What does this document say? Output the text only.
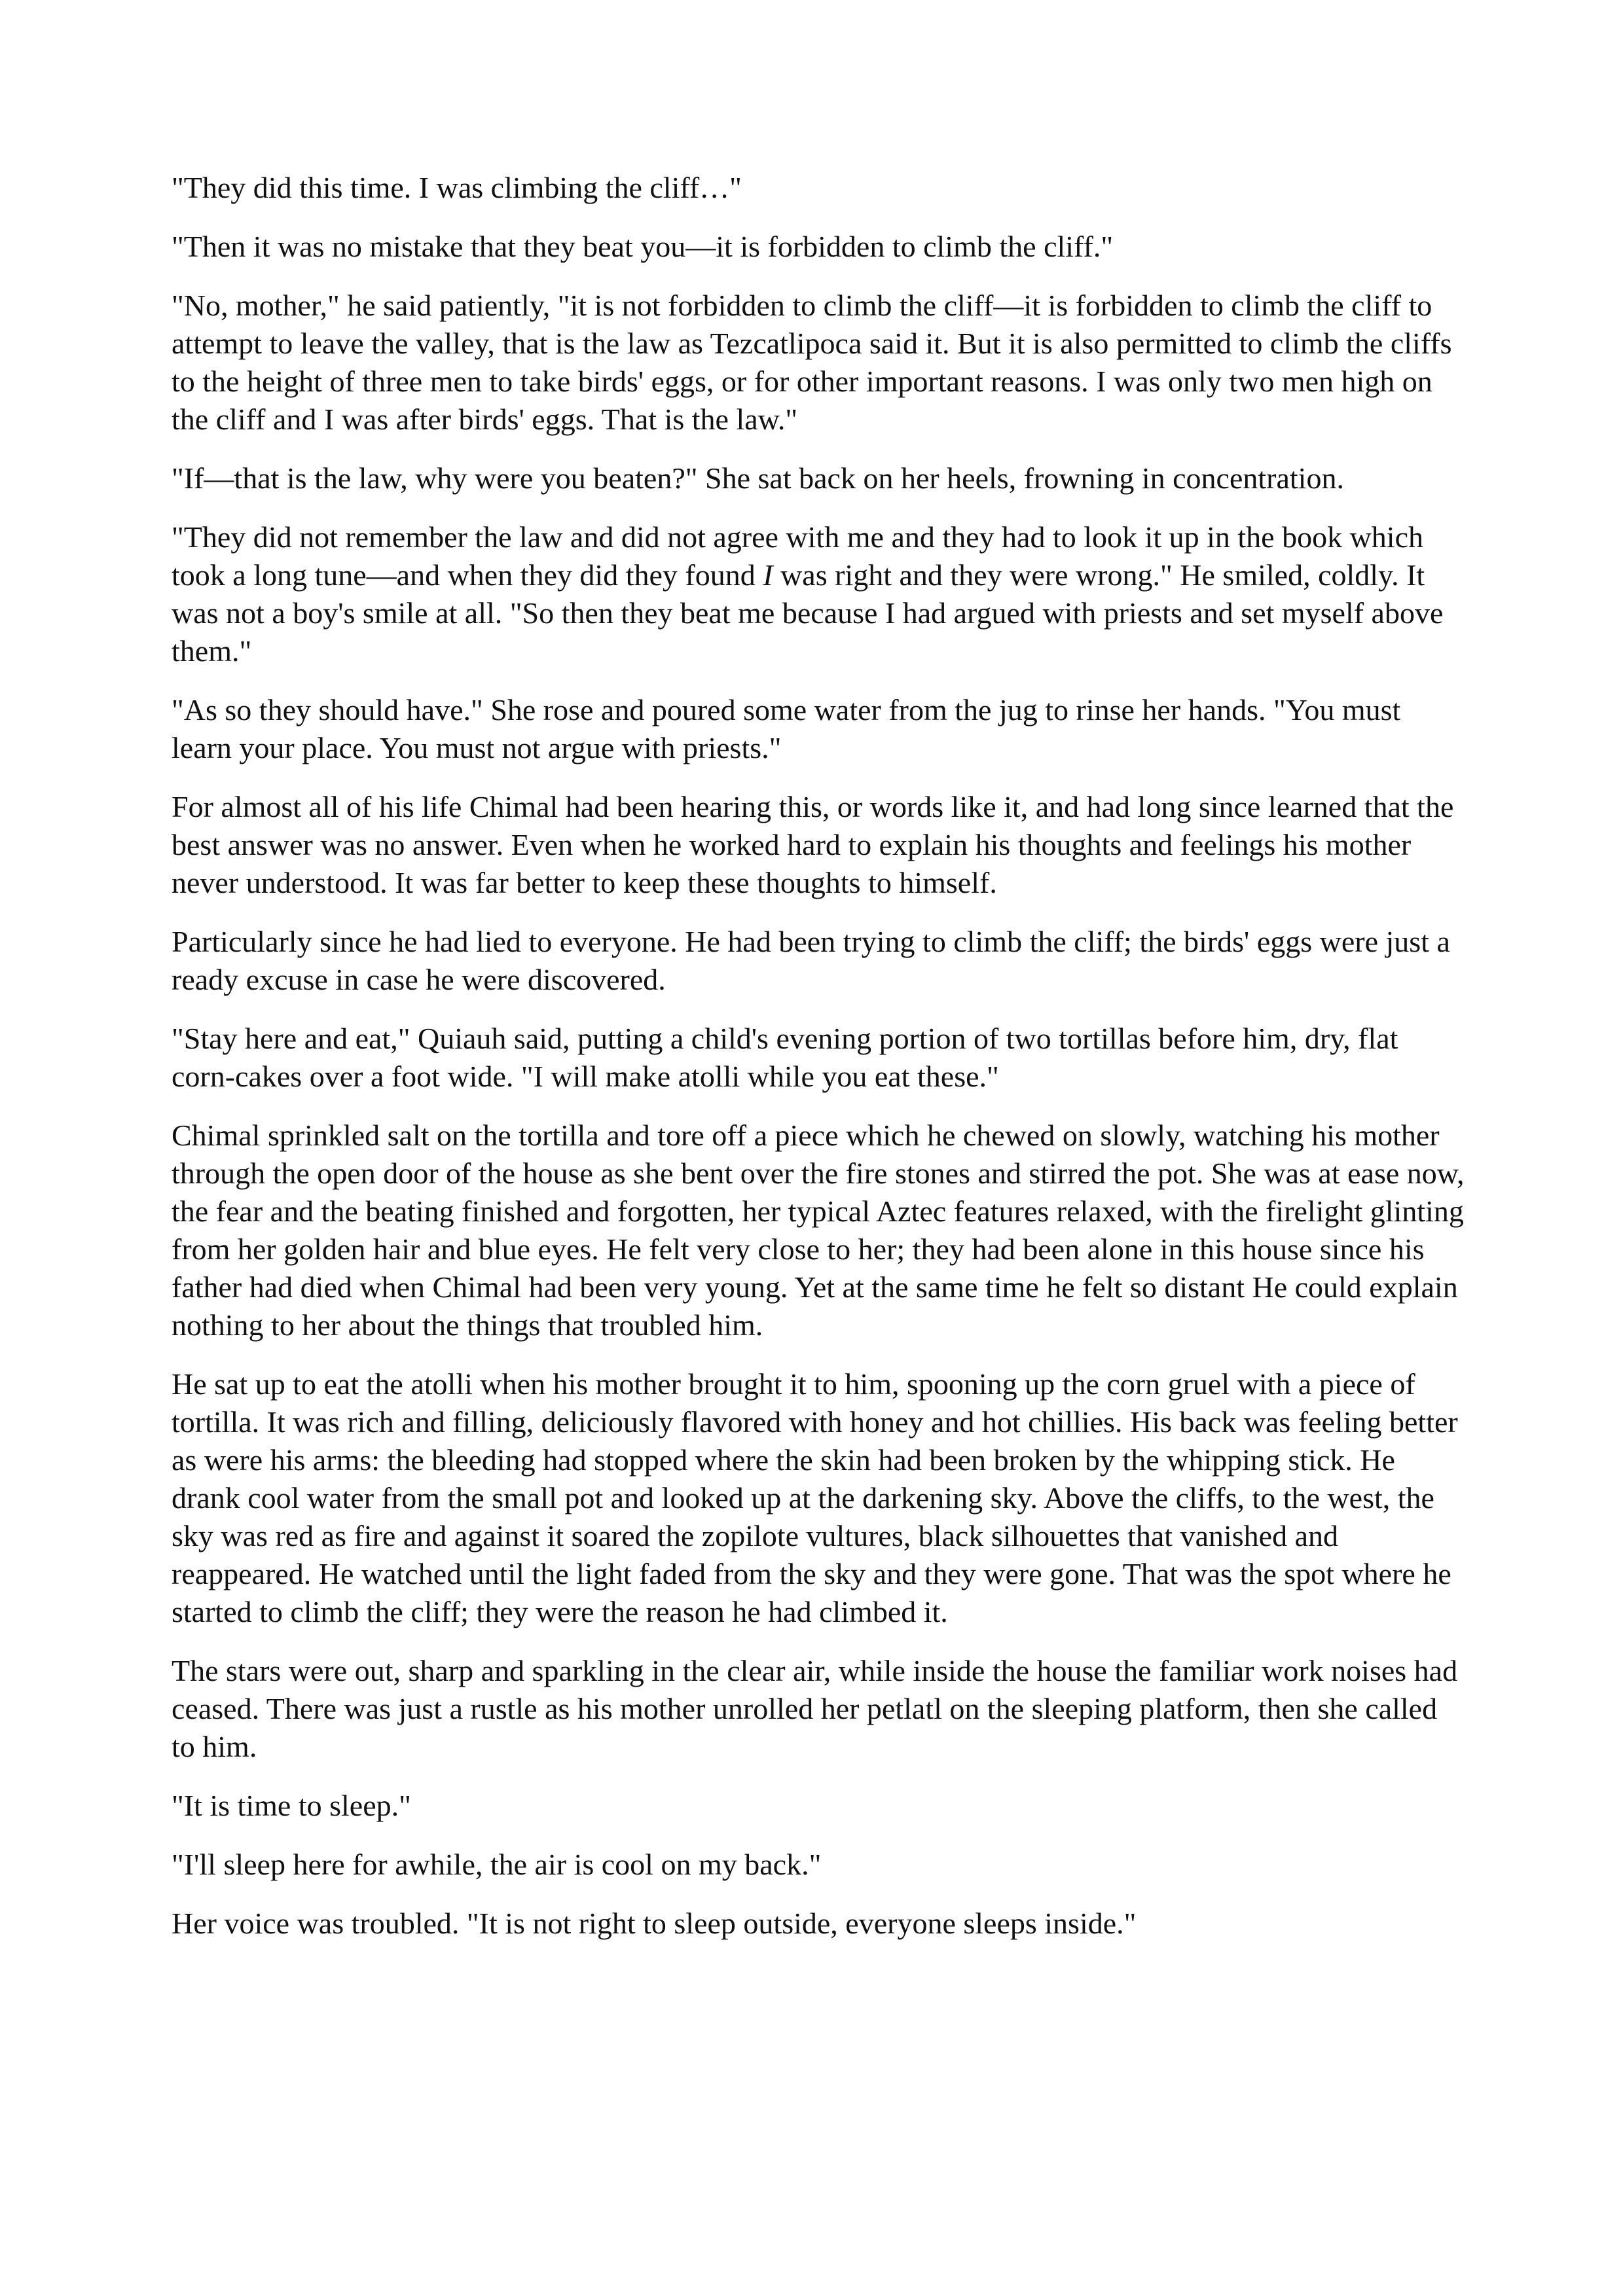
"They did this time. I was climbing the cliff…"

"Then it was no mistake that they beat you—it is forbidden to climb the cliff."

"No, mother," he said patiently, "it is not forbidden to climb the cliff—it is forbidden to climb the cliff to attempt to leave the valley, that is the law as Tezcatlipoca said it. But it is also permitted to climb the cliffs to the height of three men to take birds' eggs, or for other important reasons. I was only two men high on the cliff and I was after birds' eggs. That is the law."

"If—that is the law, why were you beaten?" She sat back on her heels, frowning in concentration.

"They did not remember the law and did not agree with me and they had to look it up in the book which took a long tune—and when they did they found I was right and they were wrong." He smiled, coldly. It was not a boy's smile at all. "So then they beat me because I had argued with priests and set myself above them."

"As so they should have." She rose and poured some water from the jug to rinse her hands. "You must learn your place. You must not argue with priests."

For almost all of his life Chimal had been hearing this, or words like it, and had long since learned that the best answer was no answer. Even when he worked hard to explain his thoughts and feelings his mother never understood. It was far better to keep these thoughts to himself.

Particularly since he had lied to everyone. He had been trying to climb the cliff; the birds' eggs were just a ready excuse in case he were discovered.

"Stay here and eat," Quiauh said, putting a child's evening portion of two tortillas before him, dry, flat corn-cakes over a foot wide. "I will make atolli while you eat these."

Chimal sprinkled salt on the tortilla and tore off a piece which he chewed on slowly, watching his mother through the open door of the house as she bent over the fire stones and stirred the pot. She was at ease now, the fear and the beating finished and forgotten, her typical Aztec features relaxed, with the firelight glinting from her golden hair and blue eyes. He felt very close to her; they had been alone in this house since his father had died when Chimal had been very young. Yet at the same time he felt so distant He could explain nothing to her about the things that troubled him.

He sat up to eat the atolli when his mother brought it to him, spooning up the corn gruel with a piece of tortilla. It was rich and filling, deliciously flavored with honey and hot chillies. His back was feeling better as were his arms: the bleeding had stopped where the skin had been broken by the whipping stick. He drank cool water from the small pot and looked up at the darkening sky. Above the cliffs, to the west, the sky was red as fire and against it soared the zopilote vultures, black silhouettes that vanished and reappeared. He watched until the light faded from the sky and they were gone. That was the spot where he started to climb the cliff; they were the reason he had climbed it.

The stars were out, sharp and sparkling in the clear air, while inside the house the familiar work noises had ceased. There was just a rustle as his mother unrolled her petlatl on the sleeping platform, then she called to him.

"It is time to sleep."

"I'll sleep here for awhile, the air is cool on my back."

Her voice was troubled. "It is not right to sleep outside, everyone sleeps inside."
